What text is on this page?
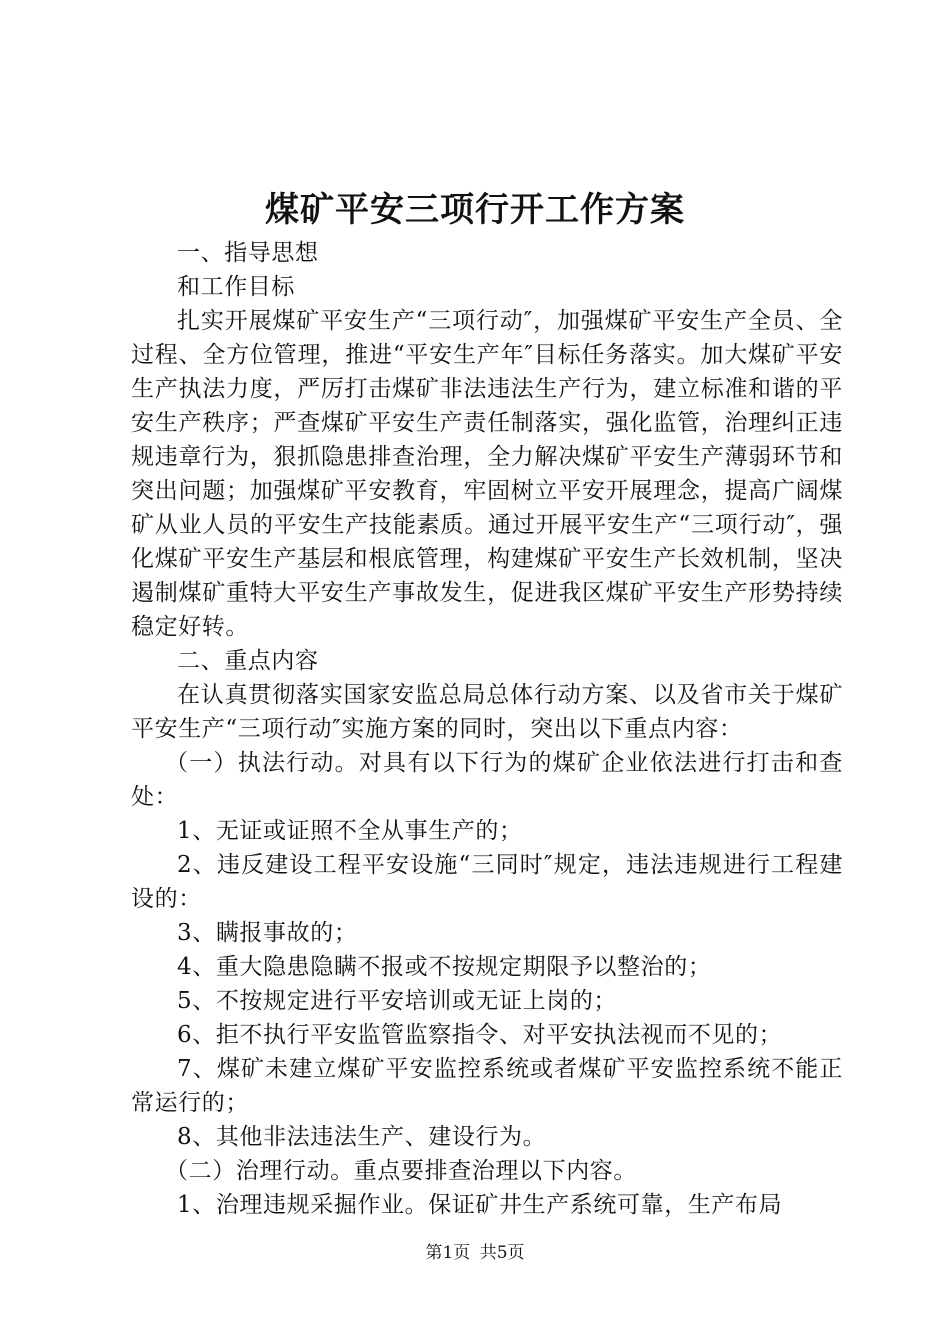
煤矿平安三项行开工作方案

一、指导思想

和工作目标

扎实开展煤矿平安生产“三项行动″，加强煤矿平安生产全员、全过程、全方位管理，推进“平安生产年″目标任务落实。加大煤矿平安生产执法力度，严厉打击煤矿非法违法生产行为，建立标准和谐的平安生产秩序；严查煤矿平安生产责任制落实，强化监管，治理纠正违规违章行为，狠抓隐患排查治理，全力解决煤矿平安生产薄弱环节和突出问题；加强煤矿平安教育，牢固树立平安开展理念，提高广阔煤矿从业人员的平安生产技能素质。通过开展平安生产“三项行动″，强化煤矿平安生产基层和根底管理，构建煤矿平安生产长效机制，坚决遏制煤矿重特大平安生产事故发生，促进我区煤矿平安生产形势持续稳定好转。

二、重点内容

在认真贯彻落实国家安监总局总体行动方案、以及省市关于煤矿平安生产“三项行动″实施方案的同时，突出以下重点内容：

（一）执法行动。对具有以下行为的煤矿企业依法进行打击和查处：

1、无证或证照不全从事生产的；

2、违反建设工程平安设施“三同时″规定，违法违规进行工程建设的：

3、瞒报事故的；

4、重大隐患隐瞒不报或不按规定期限予以整治的；

5、不按规定进行平安培训或无证上岗的；

6、拒不执行平安监管监察指令、对平安执法视而不见的；

7、煤矿未建立煤矿平安监控系统或者煤矿平安监控系统不能正常运行的；

8、其他非法违法生产、建设行为。

（二）治理行动。重点要排查治理以下内容。

1、治理违规采掘作业。保证矿井生产系统可靠，生产布局

第1页 共5页
